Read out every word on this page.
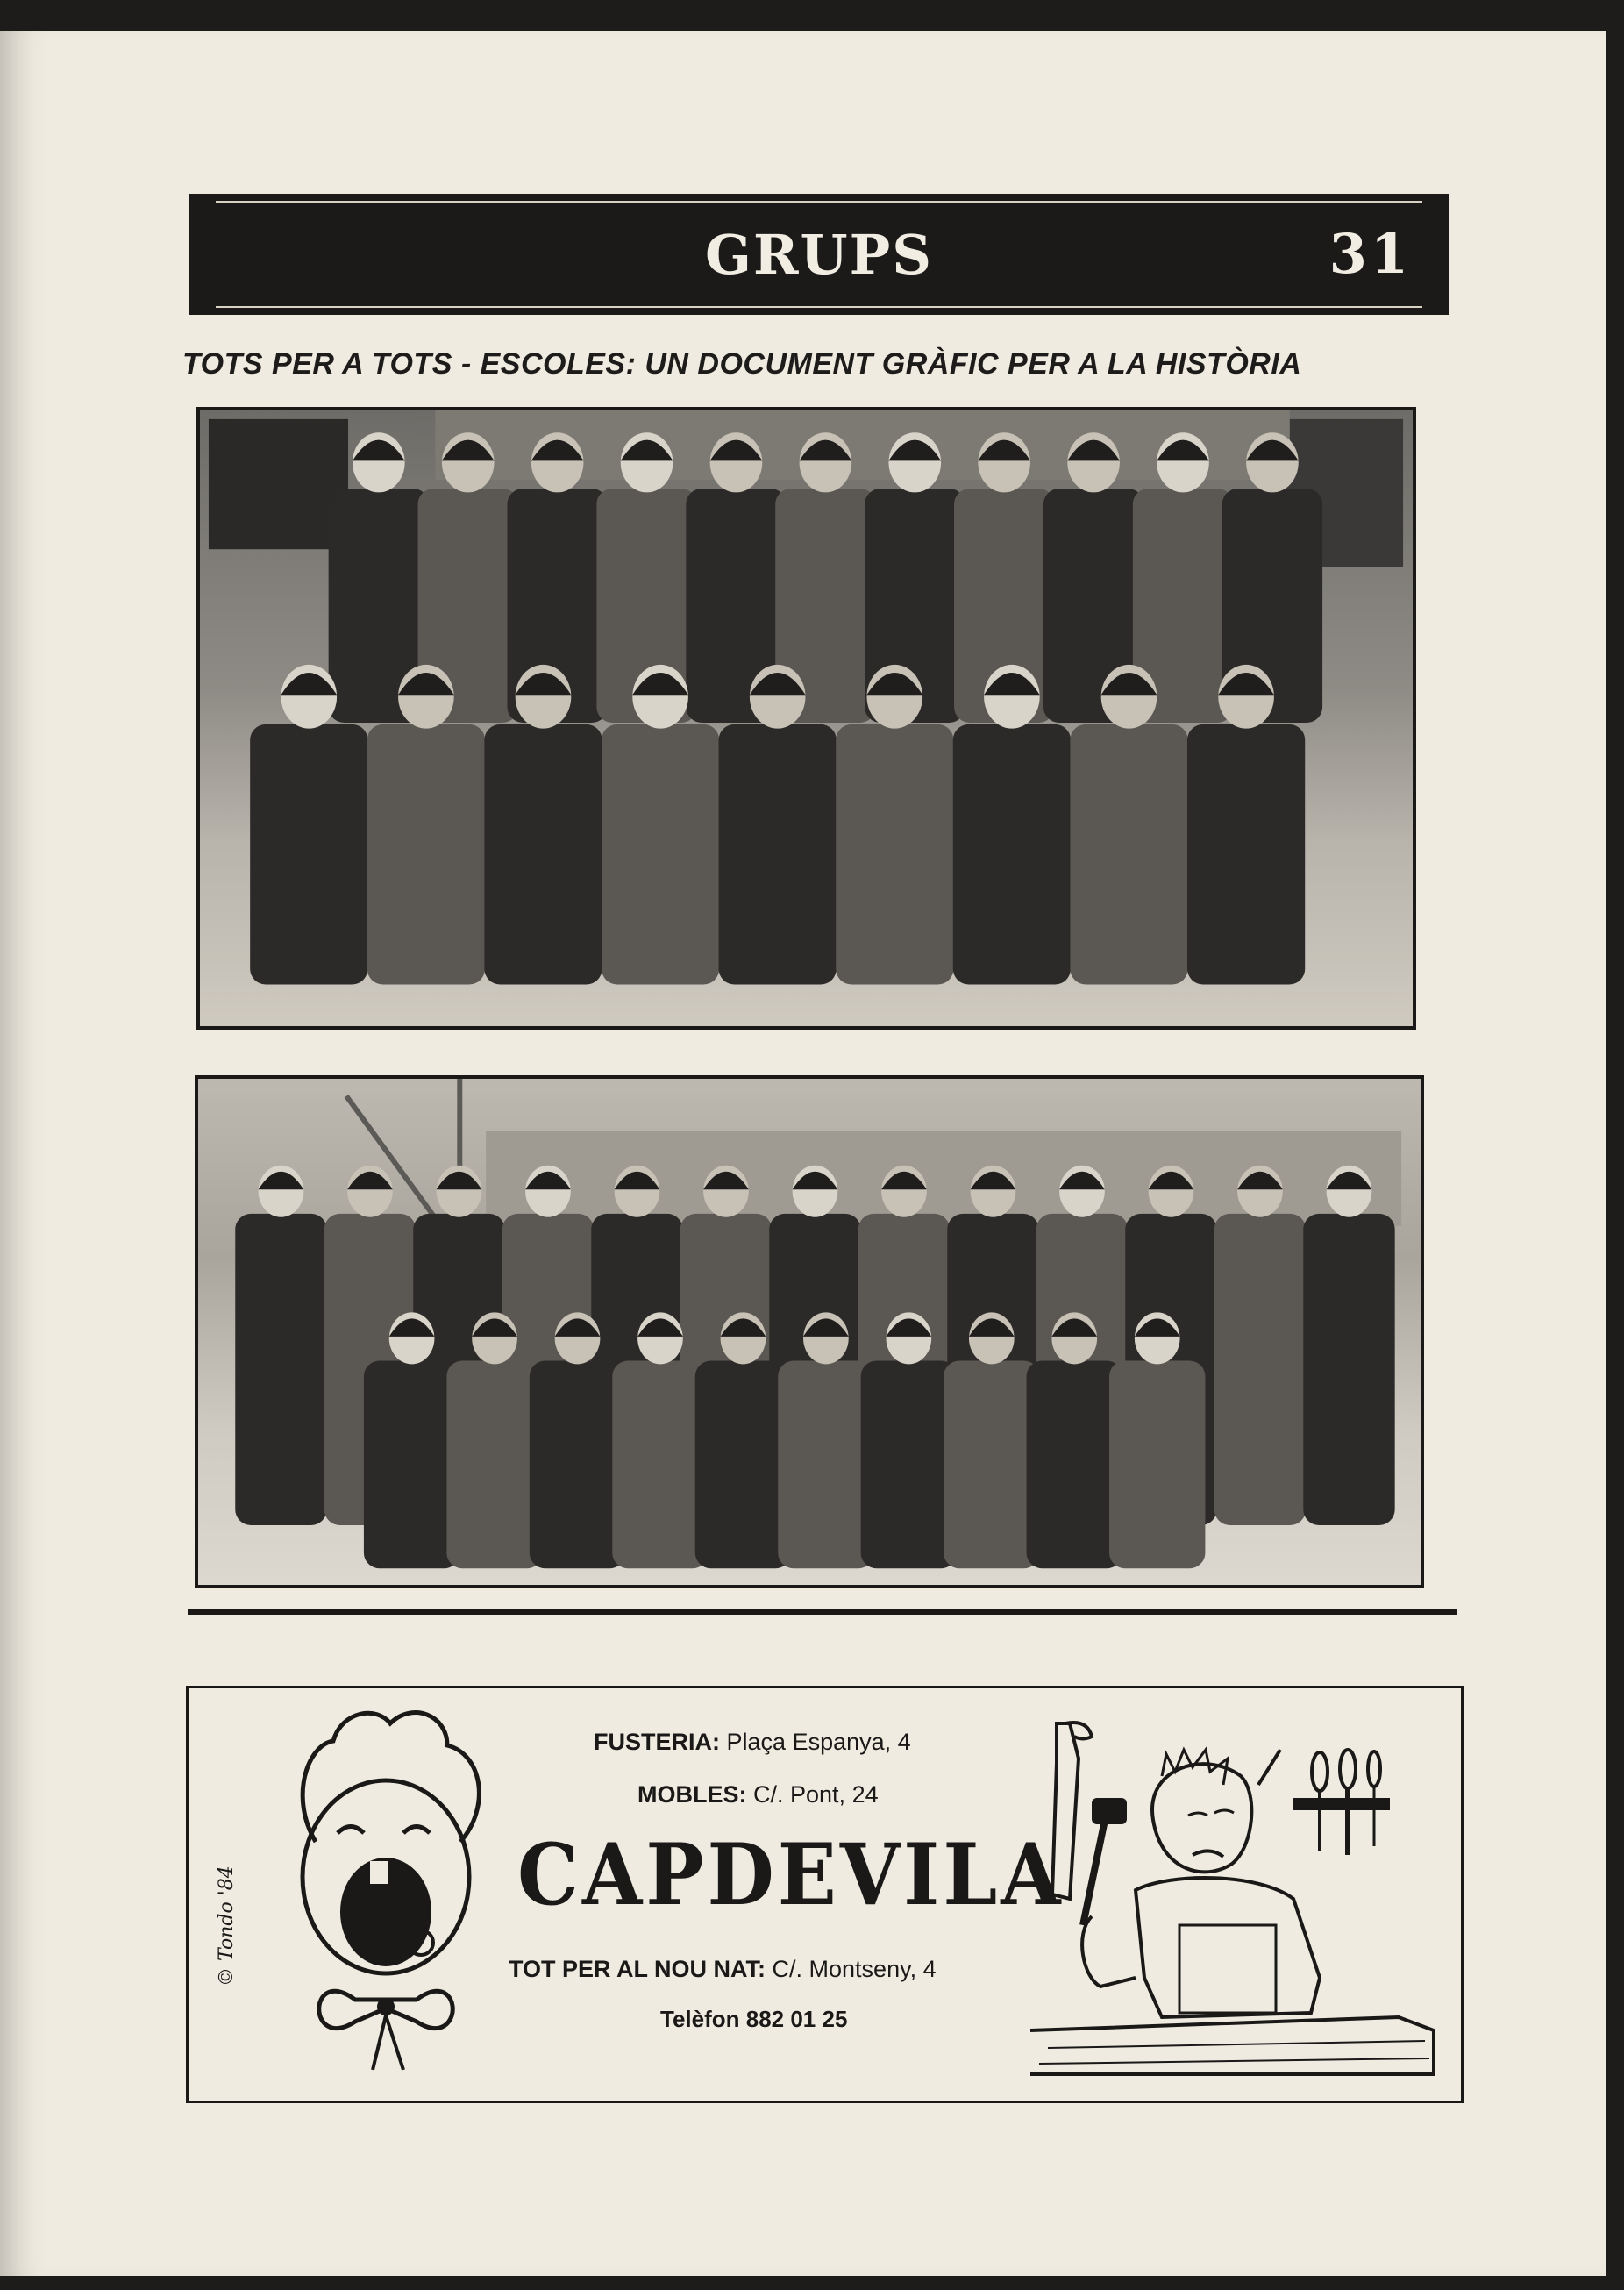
GRUPS	31
TOTS PER A TOTS - ESCOLES: UN DOCUMENT GRÀFIC PER A LA HISTÒRIA
© Tondo '84
FUSTERIA: Plaça Espanya, 4
MOBLES: C/. Pont, 24
CAPDEVILA
TOT PER AL NOU NAT: C/. Montseny, 4
Telèfon 882 01 25
